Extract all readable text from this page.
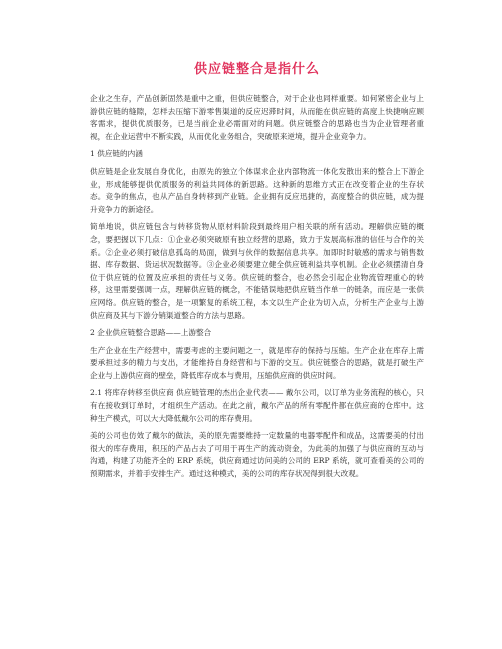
供应链整合是指什么

企业之生存，产品创新固然是重中之重，但供应链整合，对于企业也同样重要。如何紧密企业与上游供应链的缝隙，怎样去压缩下游零售渠道的反应迟滞时间，从而能在供应链的高度上快捷响应顾客需求，提供优质服务，已是当前企业必需面对的问题。供应链整合的思路也当为企业管理者重视，在企业运营中不断实践，从而优化业务组合，突破原来逆境，提升企业竞争力。

1 供应链的内涵

供应链是企业发展自身优化，由原先的独立个体谋求企业内部物流一体化发散出来的整合上下游企业，形成能够提供优质服务的利益共同体的新思路。这种新的思维方式正在改变着企业的生存状态。竞争的焦点，也从产品自身转移到产业链。企业拥有反应迅捷的，高度整合的供应链，成为提升竞争力的新途径。

简单地说，供应链包含与转移货物从原材料阶段到最终用户相关联的所有活动。理解供应链的概念，要把握以下几点：①企业必须突破原有独立经营的思路，致力于发展高标准的信任与合作的关系。②企业必须打破信息孤岛的局面，做到与伙伴的数据信息共享。加即时时敏感的需求与销售数据、库存数据、货运状况数据等。③企业必须要建立健全供应链利益共享机制。企业必须摆清自身位于供应链的位置及应承担的责任与义务。供应链的整合，也必然会引起企业物流管理重心的转移，这里需要强调一点，理解供应链的概念，不能错误地把供应链当作单一的链条，而应是一张供应网络。供应链的整合，是一项繁复的系统工程，本文以生产企业为切入点，分析生产企业与上游供应商及其与下游分销渠道整合的方法与思路。

2 企业供应链整合思路——上游整合

生产企业在生产经营中，需要考虑的主要问题之一，就是库存的保持与压缩。生产企业在库存上需要承担过多的精力与支出，才能维持自身经营和与下游的交互。供应链整合的思路，就是打破生产企业与上游供应商的壁垒，降低库存成本与费用，压缩供应商的供应时间。

2.1 将库存转移至供应商 供应链管理的杰出企业代表—— 戴尔公司，以订单为业务流程的核心，只有在接收到订单时，才组织生产活动。在此之前，戴尔产品的所有零配件都在供应商的仓库中。这种生产模式，可以大大降低戴尔公司的库存费用。

美的公司也仿效了戴尔的做法，美的原先需要维持一定数量的电器零配件和成品，这需要美的付出很大的库存费用，积压的产品占去了可用于再生产的流动资金，为此美的加强了与供应商的互动与沟通，构建了功能齐全的 ERP 系统，供应商通过访问美的公司的 ERP 系统，就可查看美的公司的预期需求，并着手安排生产。通过这种模式，美的公司的库存状况得到很大改观。
